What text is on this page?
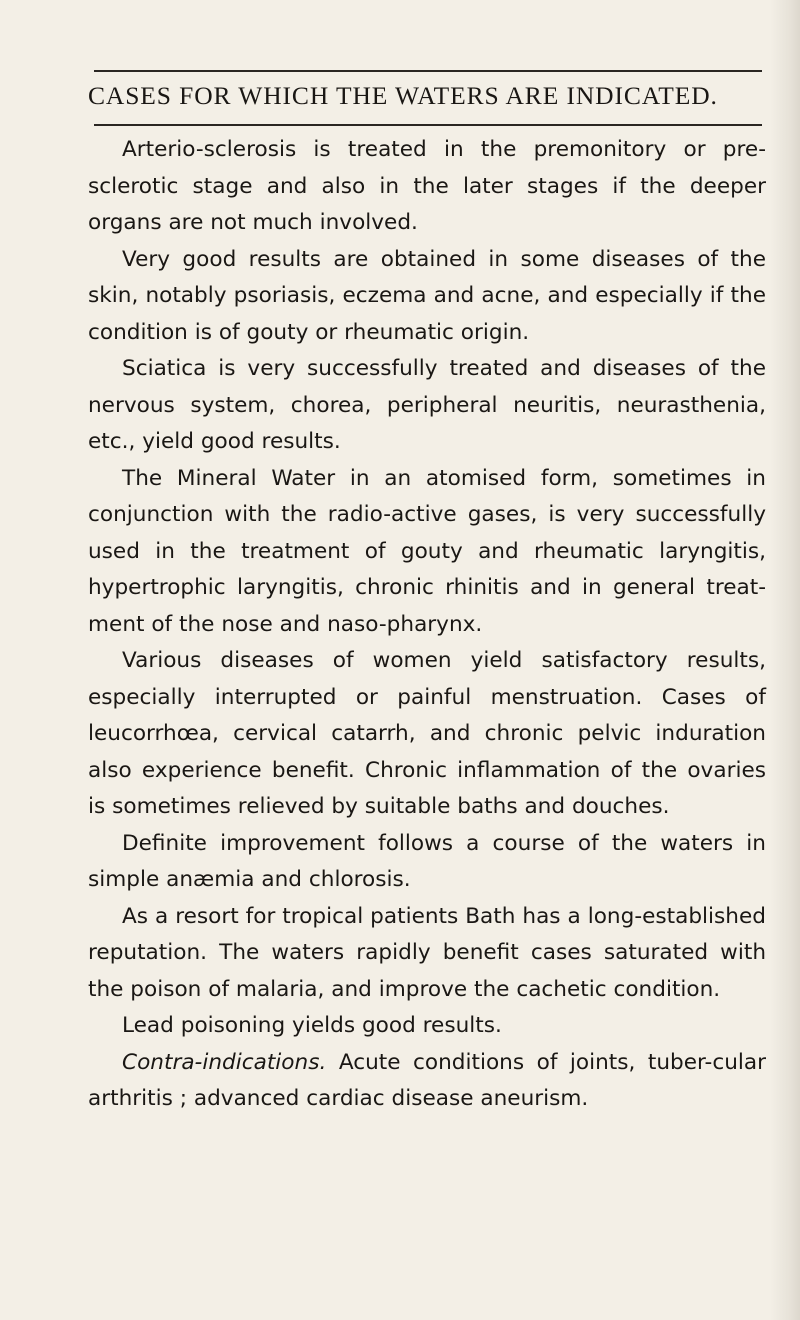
CASES FOR WHICH THE WATERS ARE INDICATED.

Arterio-sclerosis is treated in the premonitory or pre-sclerotic stage and also in the later stages if the deeper organs are not much involved.

Very good results are obtained in some diseases of the skin, notably psoriasis, eczema and acne, and especially if the condition is of gouty or rheumatic origin.

Sciatica is very successfully treated and diseases of the nervous system, chorea, peripheral neuritis, neurasthenia, etc., yield good results.

The Mineral Water in an atomised form, sometimes in conjunction with the radio-active gases, is very successfully used in the treatment of gouty and rheumatic laryngitis, hypertrophic laryngitis, chronic rhinitis and in general treat-ment of the nose and naso-pharynx.

Various diseases of women yield satisfactory results, especially interrupted or painful menstruation. Cases of leucorrhœa, cervical catarrh, and chronic pelvic induration also experience benefit. Chronic inflammation of the ovaries is sometimes relieved by suitable baths and douches.

Definite improvement follows a course of the waters in simple anæmia and chlorosis.

As a resort for tropical patients Bath has a long-established reputation. The waters rapidly benefit cases saturated with the poison of malaria, and improve the cachetic condition.

Lead poisoning yields good results.

Contra-indications. Acute conditions of joints, tuber-cular arthritis ; advanced cardiac disease aneurism.
